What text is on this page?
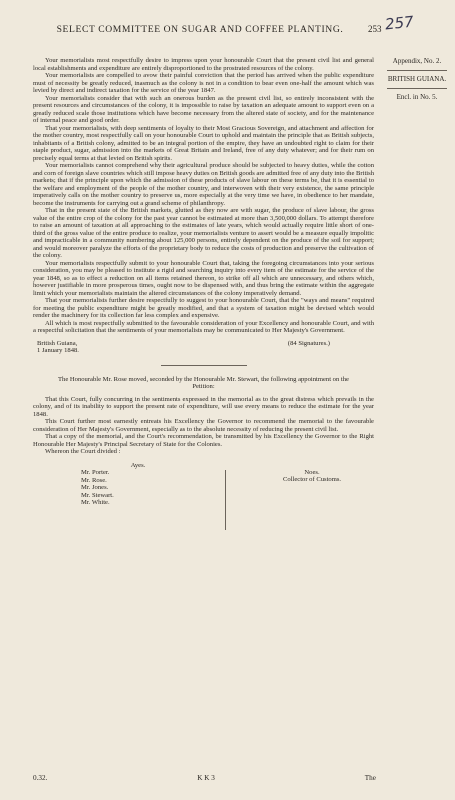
SELECT COMMITTEE ON SUGAR AND COFFEE PLANTING.	253 257
Appendix, No. 2.
BRITISH GUIANA.
Encl. in No. 5.

Your memorialists most respectfully desire to impress upon your honourable Court that the present civil list and general local establishments and expenditure are entirely disproportioned to the prostrated resources of the colony.

Your memorialists are compelled to avow their painful conviction that the period has arrived when the public expenditure must of necessity be greatly reduced, inasmuch as the colony is not in a condition to bear even one-half the amount which was levied by direct and indirect taxation for the service of the year 1847.

Your memorialists consider that with such an onerous burden as the present civil list, so entirely inconsistent with the present resources and circumstances of the colony, it is impossible to raise by taxation an adequate amount to support even on a greatly reduced scale those institutions which have become necessary from the altered state of society, and for the maintenance of internal peace and good order.

That your memorialists, with deep sentiments of loyalty to their Most Gracious Sovereign, and attachment and affection for the mother country, most respectfully call on your honourable Court to uphold and maintain the principle that as British subjects, inhabitants of a British colony, admitted to be an integral portion of the empire, they have an undoubted right to claim for their staple product, sugar, admission into the markets of Great Britain and Ireland, free of any duty whatever; and for their rum on precisely equal terms at that levied on British spirits.

Your memorialists cannot comprehend why their agricultural produce should be subjected to heavy duties, while the cotton and corn of foreign slave countries which still impose heavy duties on British goods are admitted free of any duty into the British markets; that if the principle upon which the admission of these products of slave labour on these terms be, that it is essential to the welfare and employment of the people of the mother country, and interwoven with their very existence, the same principle imperatively calls on the mother country to preserve us, more especially at the very time we have, in obedience to her mandate, become the instruments for carrying out a grand scheme of philanthropy.

That in the present state of the British markets, glutted as they now are with sugar, the produce of slave labour, the gross value of the entire crop of the colony for the past year cannot be estimated at more than 3,500,000 dollars. To attempt therefore to raise an amount of taxation at all approaching to the estimates of late years, which would actually require little short of one-third of the gross value of the entire produce to realize, your memorialists venture to assert would be a measure equally impolitic and impracticable in a community numbering about 125,000 persons, entirely dependent on the produce of the soil for support; and would moreover paralyze the efforts of the proprietary body to reduce the costs of production and preserve the cultivation of the colony.

Your memorialists respectfully submit to your honourable Court that, taking the foregoing circumstances into your serious consideration, you may be pleased to institute a rigid and searching inquiry into every item of the estimate for the service of the year 1848, so as to effect a reduction on all items retained thereon, to strike off all which are unnecessary, and others which, however justifiable in more prosperous times, ought now to be dispensed with, and thus bring the estimate within the aggregate limit which your memorialists maintain the altered circumstances of the colony imperatively demand.

That your memorialists further desire respectfully to suggest to your honourable Court, that the "ways and means" required for meeting the public expenditure might be greatly modified, and that a system of taxation might be devised which would render the machinery for its collection far less complex and expensive.

All which is most respectfully submitted to the favourable consideration of your Excellency and honourable Court, and with a respectful solicitation that the sentiments of your memorialists may be communicated to Her Majesty's Government.

British Guiana,
1 January 1848.
(84 Signatures.)

The Honourable Mr. Rose moved, seconded by the Honourable Mr. Stewart, the following appointment on the Petition:

That this Court, fully concurring in the sentiments expressed in the memorial as to the great distress which prevails in the colony, and of its inability to support the present rate of expenditure, will use every means to reduce the estimate for the year 1848.

This Court further most earnestly entreats his Excellency the Governor to recommend the memorial to the favourable consideration of Her Majesty's Government, especially as to the absolute necessity of reducing the present civil list.

That a copy of the memorial, and the Court's recommendation, be transmitted by his Excellency the Governor to the Right Honourable Her Majesty's Principal Secretary of State for the Colonies.

Whereon the Court divided :

Ayes.
Mr. Porter.
Mr. Rose.
Mr. Jones.
Mr. Stewart.
Mr. White.
Noes.
Collector of Customs.
0.32.	K K 3	The
